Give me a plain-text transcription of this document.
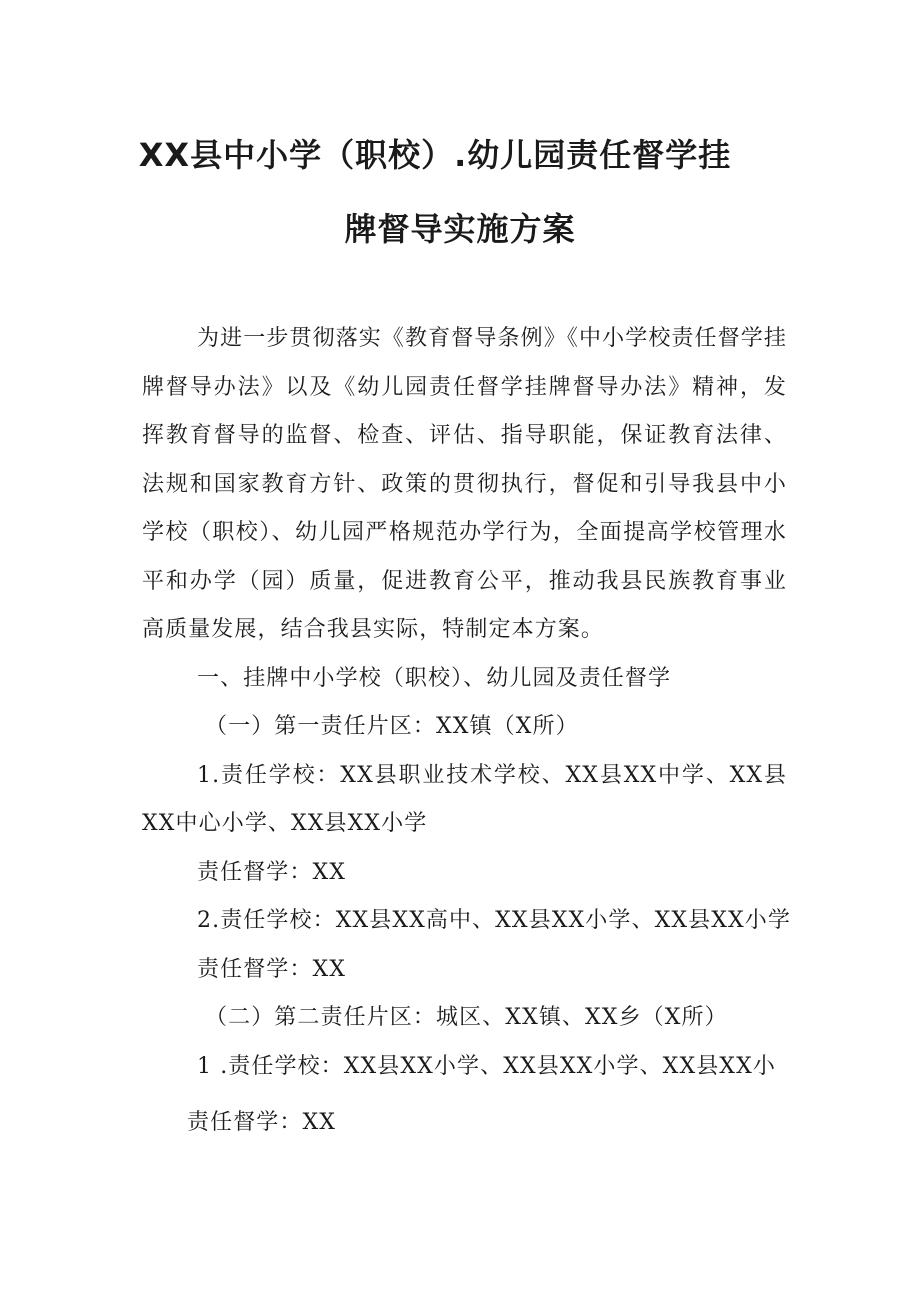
XX县中小学（职校）.幼儿园责任督学挂
牌督导实施方案

为进一步贯彻落实《教育督导条例》《中小学校责任督学挂牌督导办法》以及《幼儿园责任督学挂牌督导办法》精神，发挥教育督导的监督、检查、评估、指导职能，保证教育法律、法规和国家教育方针、政策的贯彻执行，督促和引导我县中小学校（职校）、幼儿园严格规范办学行为，全面提高学校管理水平和办学（园）质量，促进教育公平，推动我县民族教育事业高质量发展，结合我县实际，特制定本方案。

一、挂牌中小学校（职校）、幼儿园及责任督学

（一）第一责任片区：XX镇（X所）

1.责任学校：XX县职业技术学校、XX县XX中学、XX县XX中心小学、XX县XX小学

责任督学：XX

2.责任学校：XX县XX高中、XX县XX小学、XX县XX小学

责任督学：XX

（二）第二责任片区：城区、XX镇、XX乡（X所）

1 .责任学校：XX县XX小学、XX县XX小学、XX县XX小

责任督学：XX
